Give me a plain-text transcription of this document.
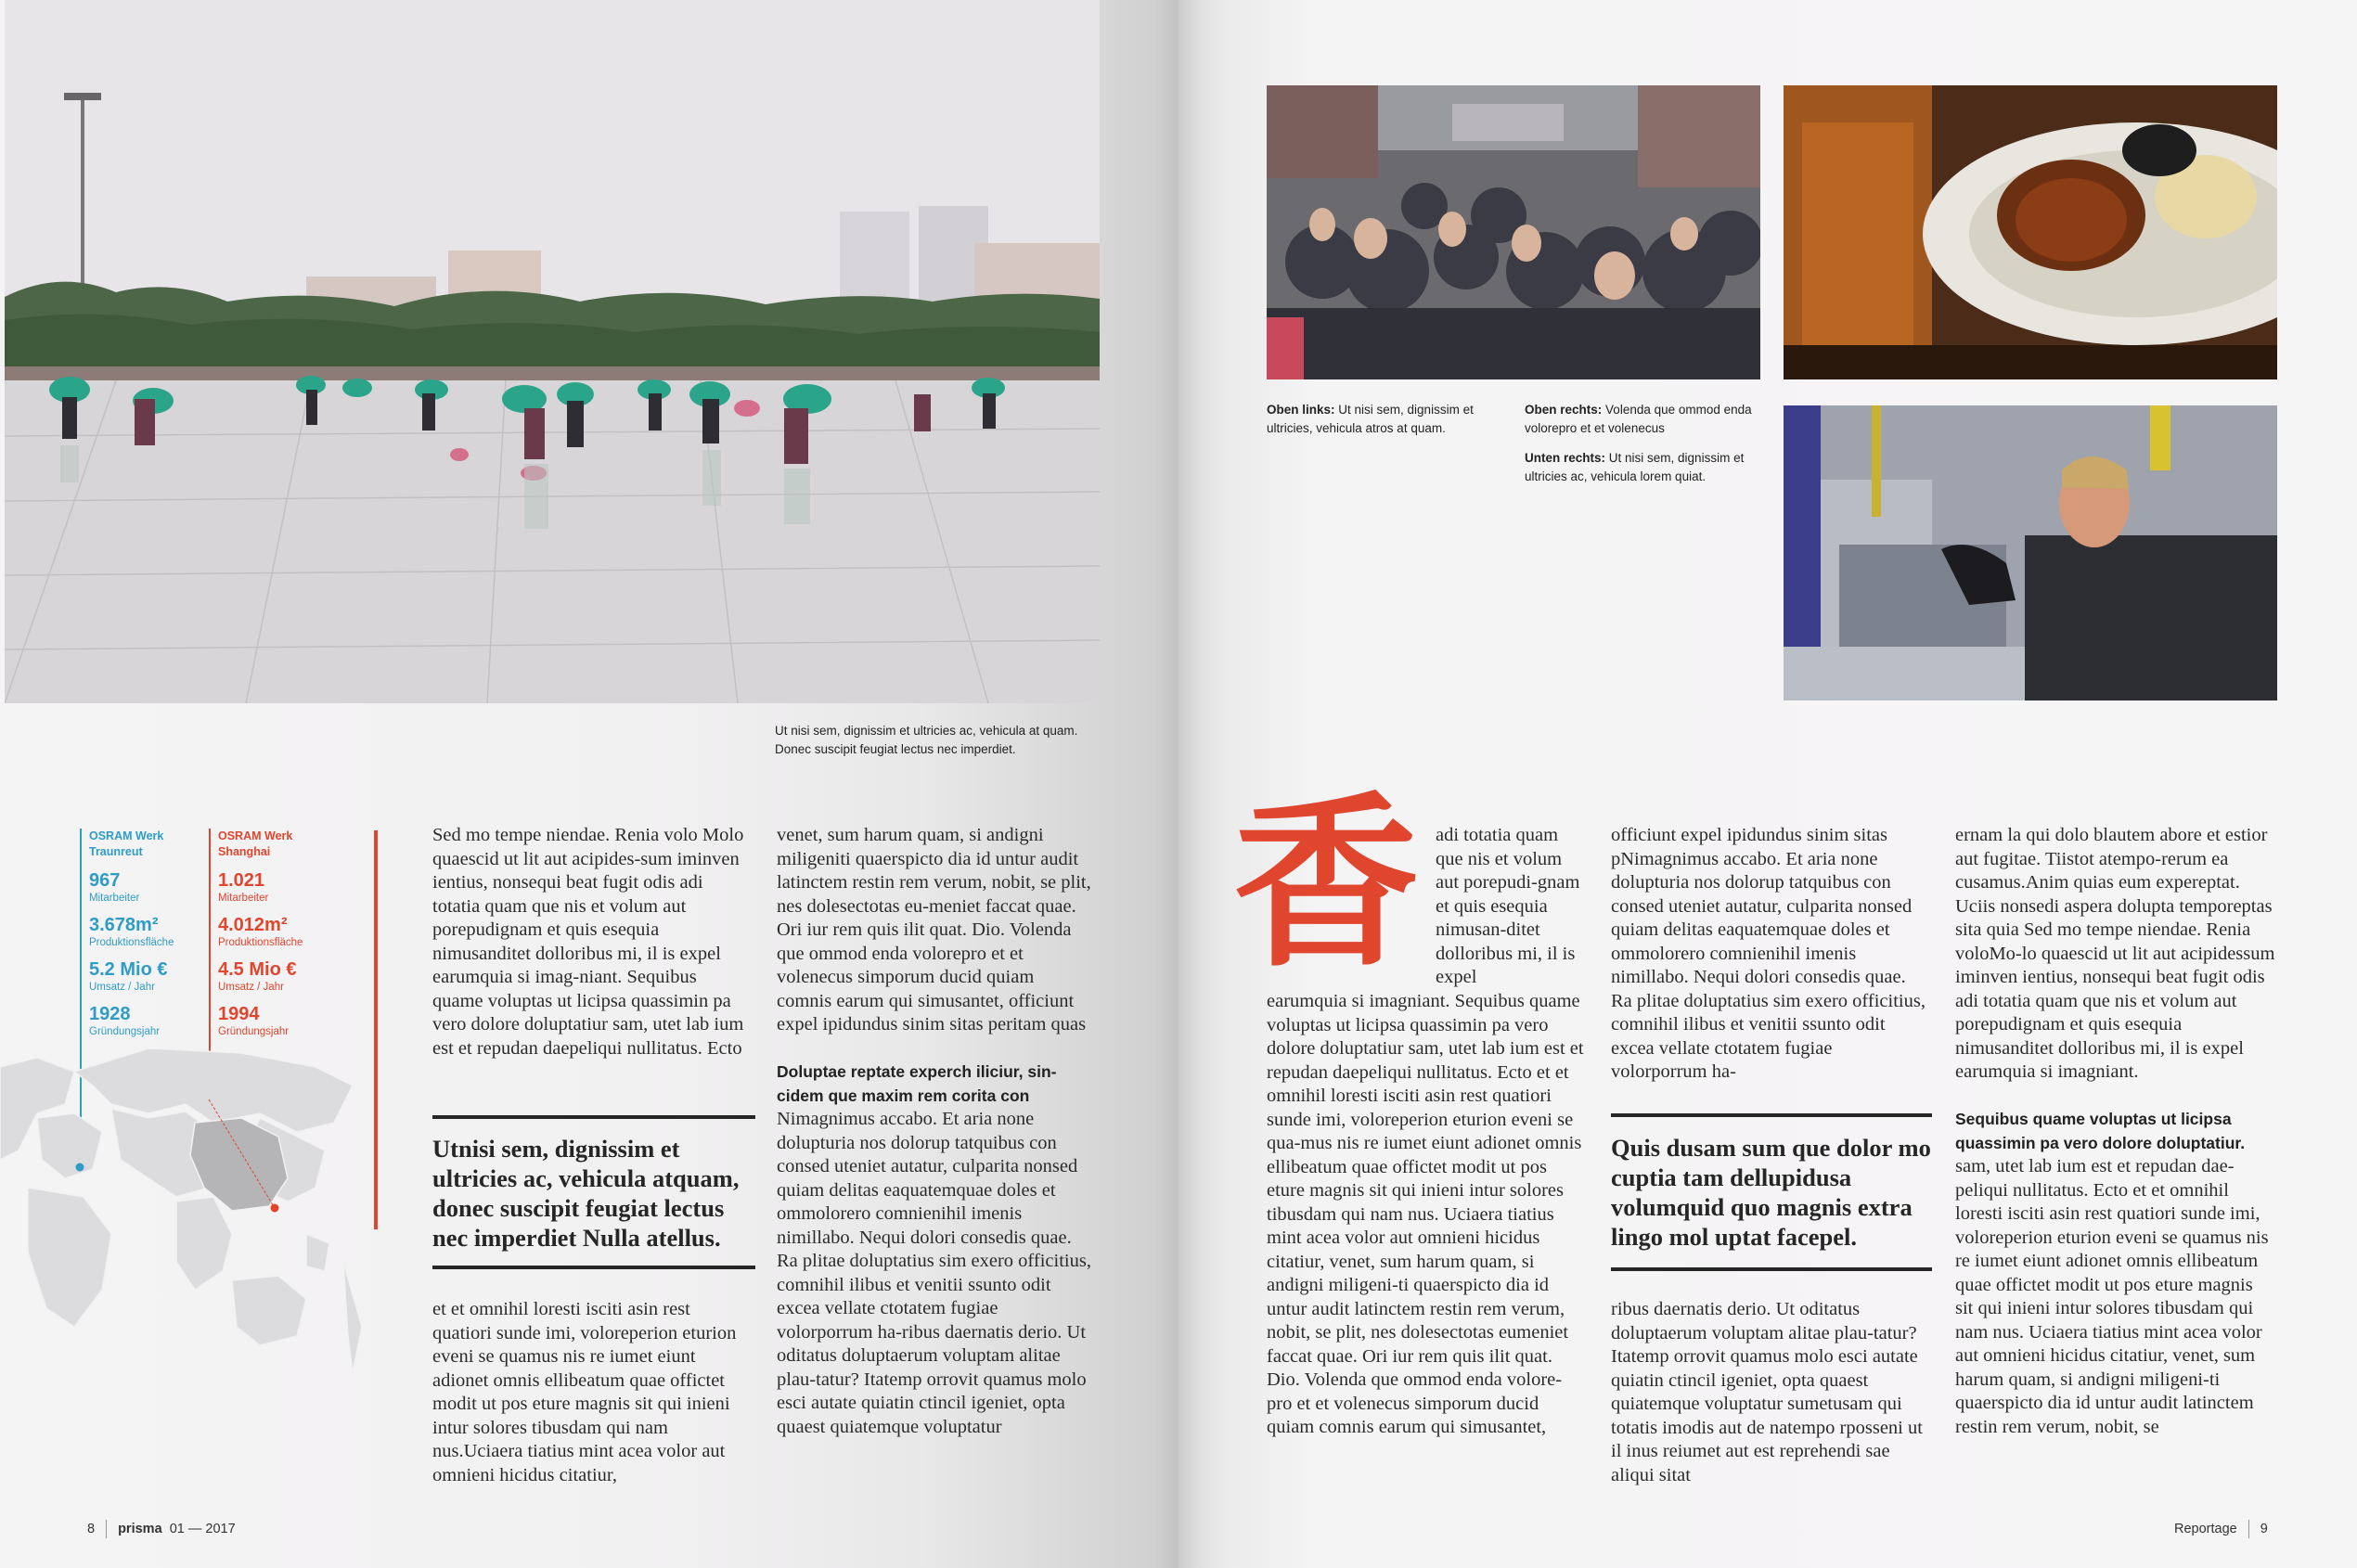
Ut nisi sem, dignissim et ultricies ac, vehicula at quam. Donec suscipit feugiat lectus nec imperdiet.
OSRAM Werk
Traunreut
967
Mitarbeiter
3.678m²
Produktionsfläche
5.2 Mio €
Umsatz / Jahr
1928
Gründungsjahr
OSRAM Werk
Shanghai
1.021
Mitarbeiter
4.012m²
Produktionsfläche
4.5 Mio €
Umsatz / Jahr
1994
Gründungsjahr

Sed mo tempe niendae. Renia volo Molo quaescid ut lit aut acipides-sum iminven ientius, nonsequi beat fugit odis adi totatia quam que nis et volum aut porepudignam et quis esequia nimusanditet dolloribus mi, il is expel earumquia si imag-niant. Sequibus quame voluptas ut licipsa quassimin pa vero dolore doluptatiur sam, utet lab ium est et repudan daepeliqui nullitatus. Ecto

Utnisi sem, dignissim et ultricies ac, vehicula atquam, donec suscipit feugiat lectus nec imperdiet Nulla atellus.

et et omnihil loresti isciti asin rest quatiori sunde imi, voloreperion eturion eveni se quamus nis re iumet eiunt adionet omnis ellibeatum quae offictet modit ut pos eture magnis sit qui inieni intur solores tibusdam qui nam nus.Uciaera tiatius mint acea volor aut omnieni hicidus citatiur,

venet, sum harum quam, si andigni miligeniti quaerspicto dia id untur audit latinctem restin rem verum, nobit, se plit, nes dolesectotas eu-meniet faccat quae. Ori iur rem quis ilit quat. Dio. Volenda que ommod enda volorepro et et volenecus simporum ducid quiam comnis earum qui simusantet, officiunt expel ipidundus sinim sitas peritam quas

Doluptae reptate experch iliciur, sin-cidem que maxim rem corita con

Nimagnimus accabo. Et aria none dolupturia nos dolorup tatquibus con consed uteniet autatur, culparita nonsed quiam delitas eaquatemquae doles et ommolorero comnienihil imenis nimillabo. Nequi dolori consedis quae. Ra plitae doluptatius sim exero officitius, comnihil ilibus et venitii ssunto odit excea vellate ctotatem fugiae volorporrum ha-ribus daernatis derio. Ut oditatus doluptaerum voluptam alitae plau-tatur? Itatemp orrovit quamus molo esci autate quiatin ctincil igeniet, opta quaest quiatemque voluptatur

8 prisma 01 — 2017
Oben links: Ut nisi sem, dignissim et ultricies, vehicula atros at quam.
Oben rechts: Volenda que ommod enda volorepro et et volenecus
Unten rechts: Ut nisi sem, dignissim et ultricies ac, vehicula lorem quiat.
香 adi totatia quam que nis et volum aut porepudi-gnam et quis esequia nimusan-ditet dolloribus mi, il is expel

earumquia si imagniant. Sequibus quame voluptas ut licipsa quassimin pa vero dolore doluptatiur sam, utet lab ium est et repudan daepeliqui nullitatus. Ecto et et omnihil loresti isciti asin rest quatiori sunde imi, voloreperion eturion eveni se qua-mus nis re iumet eiunt adionet omnis ellibeatum quae offictet modit ut pos eture magnis sit qui inieni intur solores tibusdam qui nam nus. Uciaera tiatius mint acea volor aut omnieni hicidus citatiur, venet, sum harum quam, si andigni miligeni-ti quaerspicto dia id untur audit latinctem restin rem verum, nobit, se plit, nes dolesectotas eumeniet faccat quae. Ori iur rem quis ilit quat. Dio. Volenda que ommod enda volore-pro et et volenecus simporum ducid quiam comnis earum qui simusantet,

officiunt expel ipidundus sinim sitas pNimagnimus accabo. Et aria none dolupturia nos dolorup tatquibus con consed uteniet autatur, culparita nonsed quiam delitas eaquatemquae doles et ommolorero comnienihil imenis nimillabo. Nequi dolori consedis quae. Ra plitae doluptatius sim exero officitius, comnihil ilibus et venitii ssunto odit excea vellate ctotatem fugiae volorporrum ha-

Quis dusam sum que dolor mo cuptia tam dellupidusa volumquid quo magnis extra lingo mol uptat facepel.

ribus daernatis derio. Ut oditatus doluptaerum voluptam alitae plau-tatur? Itatemp orrovit quamus molo esci autate quiatin ctincil igeniet, opta quaest quiatemque voluptatur sumetusam qui totatis imodis aut de natempo rposseni ut il inus reiumet aut est reprehendi sae aliqui sitat

ernam la qui dolo blautem abore et estior aut fugitae. Tiistot atempo-rerum ea cusamus.Anim quias eum expereptat. Uciis nonsedi aspera dolupta temporeptas sita quia Sed mo tempe niendae. Renia voloMo-lo quaescid ut lit aut acipidessum iminven ientius, nonsequi beat fugit odis adi totatia quam que nis et volum aut porepudignam et quis esequia nimusanditet dolloribus mi, il is expel earumquia si imagniant.

Sequibus quame voluptas ut licipsa quassimin pa vero dolore doluptatiur.

sam, utet lab ium est et repudan dae-peliqui nullitatus. Ecto et et omnihil loresti isciti asin rest quatiori sunde imi, voloreperion eturion eveni se quamus nis re iumet eiunt adionet omnis ellibeatum quae offictet modit ut pos eture magnis sit qui inieni intur solores tibusdam qui nam nus. Uciaera tiatius mint acea volor aut omnieni hicidus citatiur, venet, sum harum quam, si andigni miligeni-ti quaerspicto dia id untur audit latinctem restin rem verum, nobit, se

Reportage 9
